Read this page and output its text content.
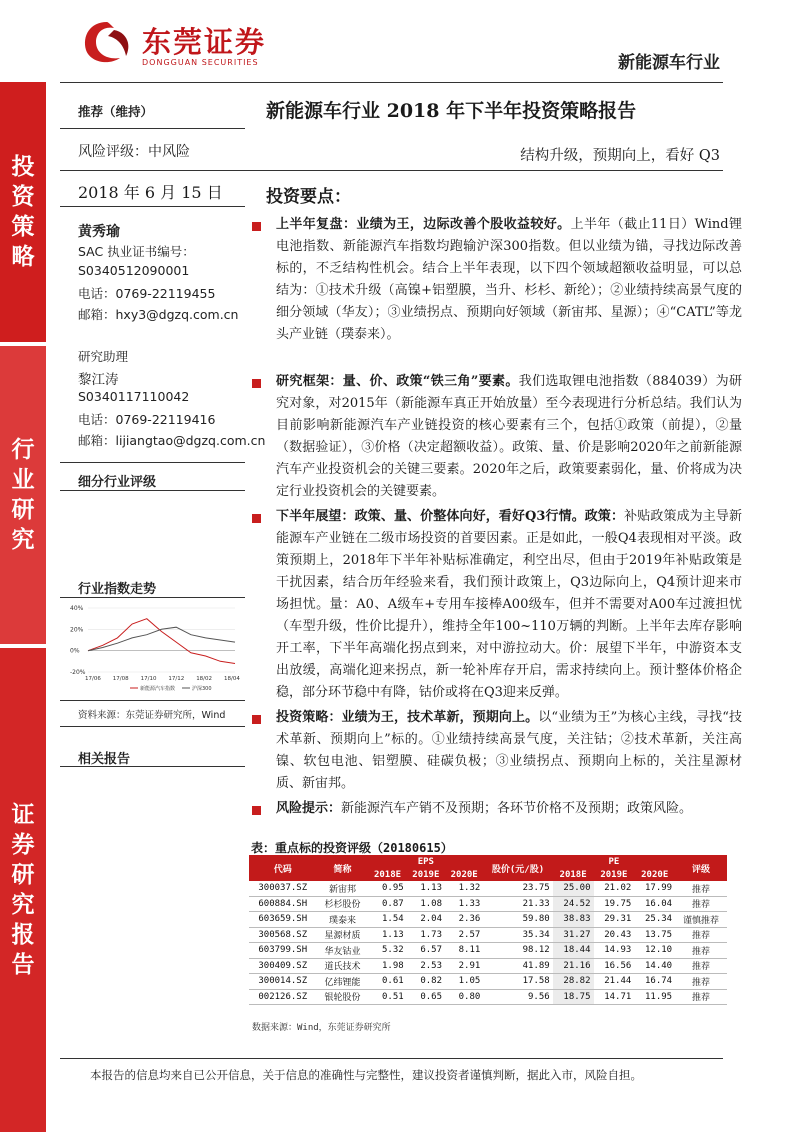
投资策略
行业研究
证券研究报告
东莞证券
DONGGUAN SECURITIES	新能源车行业
推荐（维持）
风险评级：中风险
2018 年 6 月 15 日
黄秀瑜
SAC 执业证书编号：
S0340512090001
电话：0769-22119455
邮箱：hxy3@dgzq.com.cn
研究助理
黎江涛
S0340117110042
电话：0769-22119416
邮箱：lijiangtao@dgzq.com.cn
细分行业评级
行业指数走势
40%
20%
0%
-20%
17/06 17/08 17/10 17/12 18/02 18/04
新能源汽车指数	沪深300
资料来源：东莞证券研究所，Wind
相关报告
新能源车行业 2018 年下半年投资策略报告
结构升级，预期向上，看好 Q3
投资要点：
上半年复盘：业绩为王，边际改善个股收益较好。上半年（截止11日）Wind锂电池指数、新能源汽车指数均跑输沪深300指数。但以业绩为锚，寻找边际改善标的，不乏结构性机会。结合上半年表现，以下四个领域超额收益明显，可以总结为：①技术升级（高镍+铝塑膜，当升、杉杉、新纶）；②业绩持续高景气度的细分领域（华友）；③业绩拐点、预期向好领域（新宙邦、星源）；④“CATL”等龙头产业链（璞泰来）。
研究框架：量、价、政策“铁三角”要素。我们选取锂电池指数（884039）为研究对象，对2015年（新能源车真正开始放量）至今表现进行分析总结。我们认为目前影响新能源汽车产业链投资的核心要素有三个，包括①政策（前提），②量（数据验证），③价格（决定超额收益）。政策、量、价是影响2020年之前新能源汽车产业投资机会的关键三要素。2020年之后，政策要素弱化，量、价将成为决定行业投资机会的关键要素。
下半年展望：政策、量、价整体向好，看好Q3行情。政策：补贴政策成为主导新能源车产业链在二级市场投资的首要因素。正是如此，一般Q4表现相对平淡。政策预期上，2018年下半年补贴标准确定，利空出尽，但由于2019年补贴政策是干扰因素，结合历年经验来看，我们预计政策上，Q3边际向上，Q4预计迎来市场担忧。量：A0、A级车+专用车接棒A00级车，但并不需要对A00车过渡担忧（车型升级，性价比提升），维持全年100~110万辆的判断。上半年去库存影响开工率，下半年高端化拐点到来，对中游拉动大。价：展望下半年，中游资本支出放缓，高端化迎来拐点，新一轮补库存开启，需求持续向上。预计整体价格企稳，部分环节稳中有降，钴价或将在Q3迎来反弹。
投资策略：业绩为王，技术革新，预期向上。以“业绩为王”为核心主线，寻找“技术革新、预期向上”标的。①业绩持续高景气度，关注钴；②技术革新，关注高镍、软包电池、铝塑膜、硅碳负极；③业绩拐点、预期向上标的，关注星源材质、新宙邦。
风险提示：新能源汽车产销不及预期；各环节价格不及预期；政策风险。
表：重点标的投资评级（20180615）
代码	简称	EPS			股价(元/股)	PE			评级
		2018E	2019E	2020E		2018E	2019E	2020E	
300037.SZ	新宙邦	0.95	1.13	1.32	23.75	25.00	21.02	17.99	推荐
600884.SH	杉杉股份	0.87	1.08	1.33	21.33	24.52	19.75	16.04	推荐
603659.SH	璞泰来	1.54	2.04	2.36	59.80	38.83	29.31	25.34	谨慎推荐
300568.SZ	星源材质	1.13	1.73	2.57	35.34	31.27	20.43	13.75	推荐
603799.SH	华友钴业	5.32	6.57	8.11	98.12	18.44	14.93	12.10	推荐
300409.SZ	道氏技术	1.98	2.53	2.91	41.89	21.16	16.56	14.40	推荐
300014.SZ	亿纬锂能	0.61	0.82	1.05	17.58	28.82	21.44	16.74	推荐
002126.SZ	银轮股份	0.51	0.65	0.80	9.56	18.75	14.71	11.95	推荐
数据来源：Wind，东莞证券研究所
本报告的信息均来自已公开信息，关于信息的准确性与完整性，建议投资者谨慎判断，据此入市，风险自担。
